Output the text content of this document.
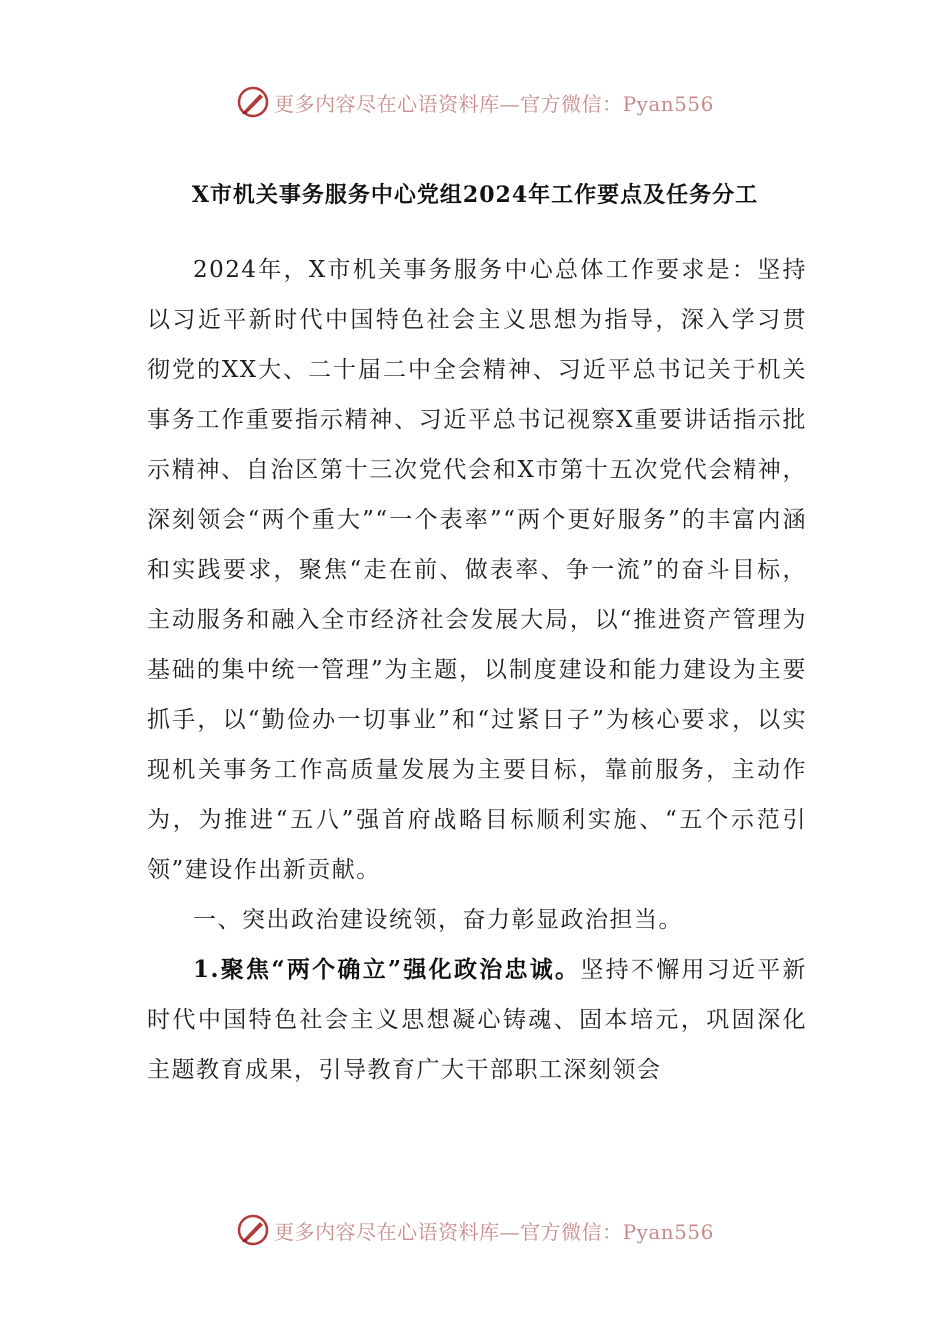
更多内容尽在心语资料库—官方微信：Pyan556
X市机关事务服务中心党组2024年工作要点及任务分工

2024年，X市机关事务服务中心总体工作要求是：坚持以习近平新时代中国特色社会主义思想为指导，深入学习贯彻党的XX大、二十届二中全会精神、习近平总书记关于机关事务工作重要指示精神、习近平总书记视察X重要讲话指示批示精神、自治区第十三次党代会和X市第十五次党代会精神，深刻领会“两个重大”“一个表率”“两个更好服务”的丰富内涵和实践要求，聚焦“走在前、做表率、争一流”的奋斗目标，主动服务和融入全市经济社会发展大局，以“推进资产管理为基础的集中统一管理”为主题，以制度建设和能力建设为主要抓手，以“勤俭办一切事业”和“过紧日子”为核心要求，以实现机关事务工作高质量发展为主要目标，靠前服务，主动作为，为推进“五八”强首府战略目标顺利实施、“五个示范引领”建设作出新贡献。

一、突出政治建设统领，奋力彰显政治担当。

1.聚焦“两个确立”强化政治忠诚。坚持不懈用习近平新时代中国特色社会主义思想凝心铸魂、固本培元，巩固深化主题教育成果，引导教育广大干部职工深刻领会

更多内容尽在心语资料库—官方微信：Pyan556
